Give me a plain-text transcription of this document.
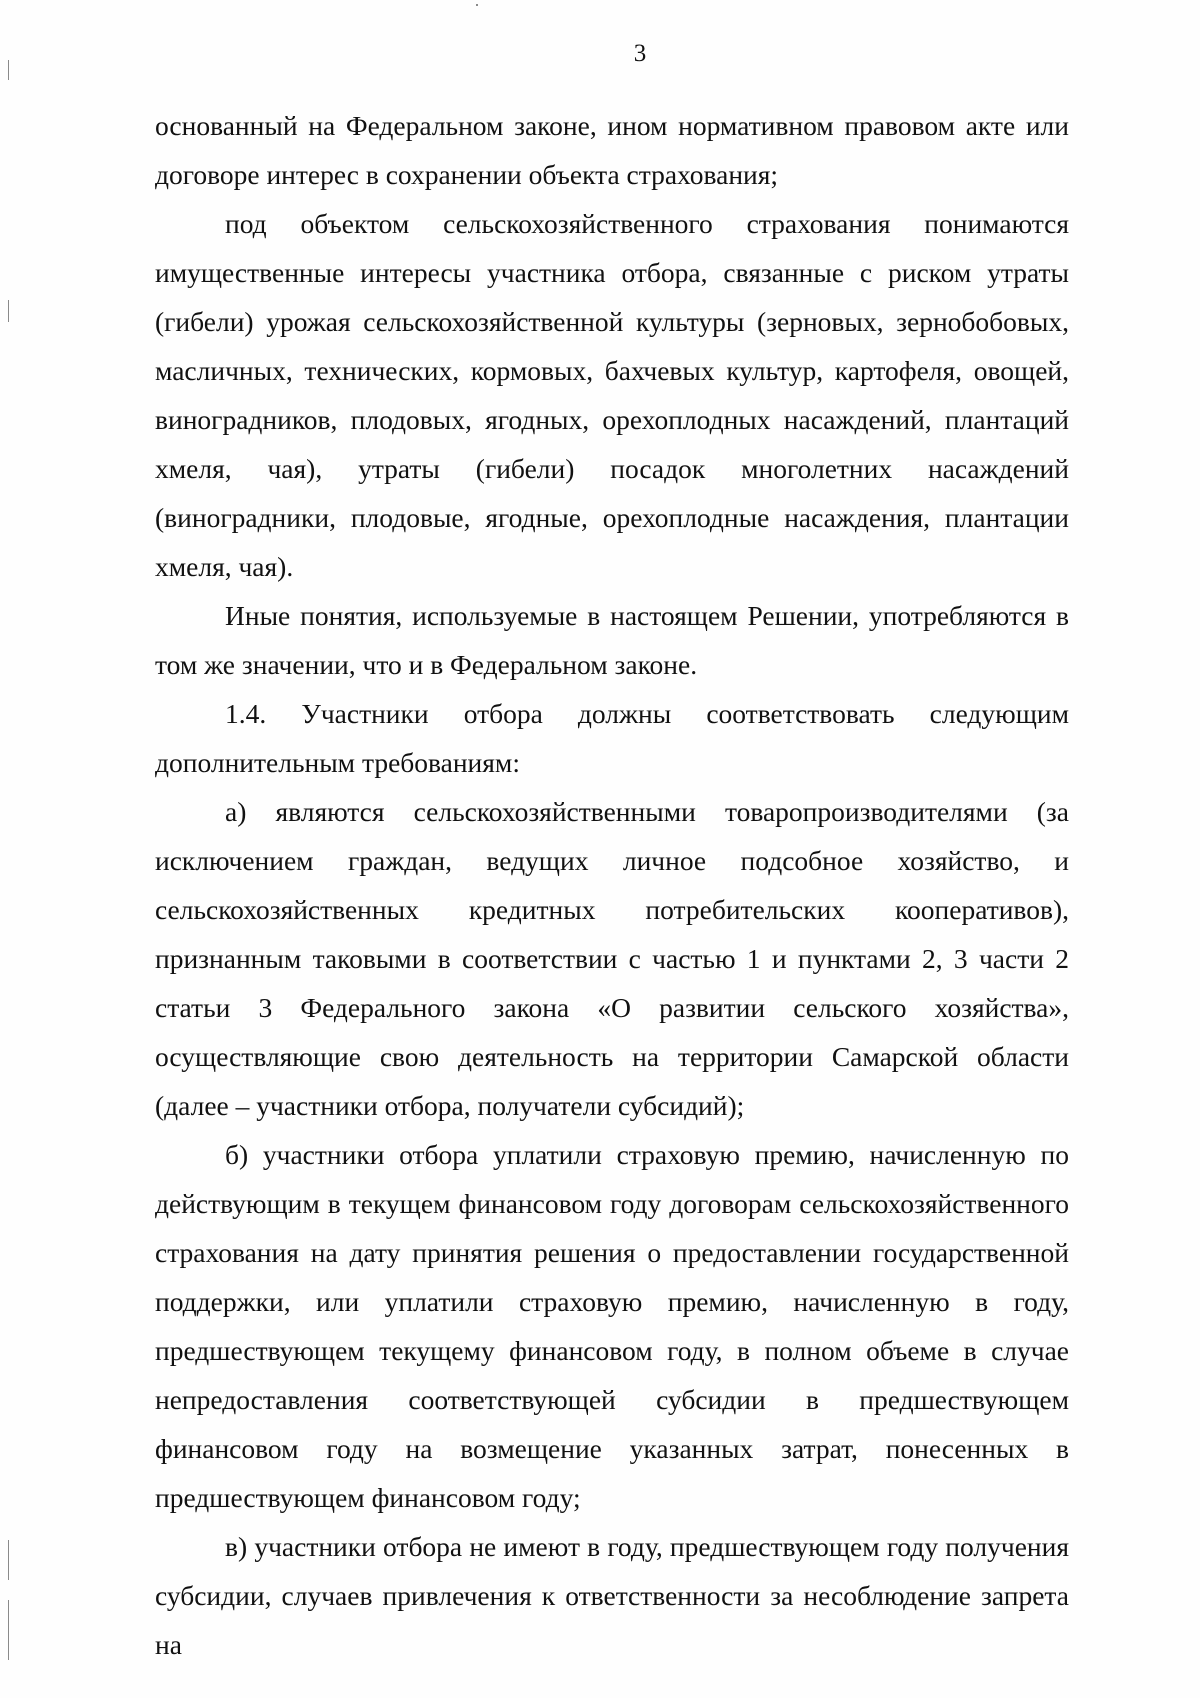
3

основанный на Федеральном законе, ином нормативном правовом акте или договоре интерес в сохранении объекта страхования;

под объектом сельскохозяйственного страхования понимаются имущественные интересы участника отбора, связанные с риском утраты (гибели) урожая сельскохозяйственной культуры (зерновых, зернобобовых, масличных, технических, кормовых, бахчевых культур, картофеля, овощей, виноградников, плодовых, ягодных, орехоплодных насаждений, плантаций хмеля, чая), утраты (гибели) посадок многолетних насаждений (виноградники, плодовые, ягодные, орехоплодные насаждения, плантации хмеля, чая).

Иные понятия, используемые в настоящем Решении, употребляются в том же значении, что и в Федеральном законе.

1.4. Участники отбора должны соответствовать следующим дополнительным требованиям:

а) являются сельскохозяйственными товаропроизводителями (за исключением граждан, ведущих личное подсобное хозяйство, и сельскохозяйственных кредитных потребительских кооперативов), признанным таковыми в соответствии с частью 1 и пунктами 2, 3 части 2 статьи 3 Федерального закона «О развитии сельского хозяйства», осуществляющие свою деятельность на территории Самарской области (далее – участники отбора, получатели субсидий);

б) участники отбора уплатили страховую премию, начисленную по действующим в текущем финансовом году договорам сельскохозяйственного страхования на дату принятия решения о предоставлении государственной поддержки, или уплатили страховую премию, начисленную в году, предшествующем текущему финансовом году, в полном объеме в случае непредоставления соответствующей субсидии в предшествующем финансовом году на возмещение указанных затрат, понесенных в предшествующем финансовом году;

в) участники отбора не имеют в году, предшествующем году получения субсидии, случаев привлечения к ответственности за несоблюдение запрета на
